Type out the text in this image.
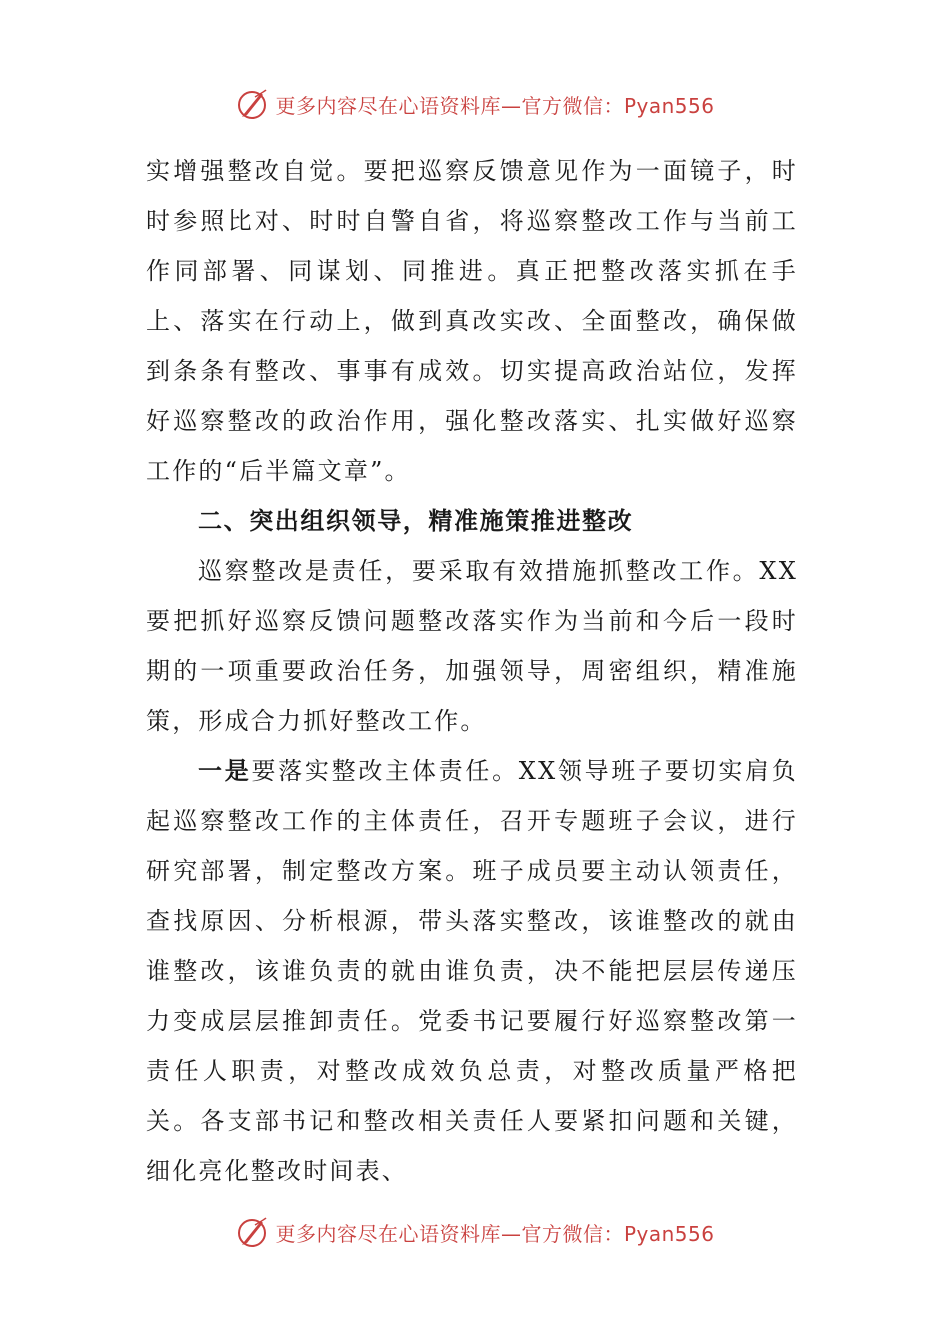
更多内容尽在心语资料库—官方微信：Pyan556

实增强整改自觉。要把巡察反馈意见作为一面镜子，时时参照比对、时时自警自省，将巡察整改工作与当前工作同部署、同谋划、同推进。真正把整改落实抓在手上、落实在行动上，做到真改实改、全面整改，确保做到条条有整改、事事有成效。切实提高政治站位，发挥好巡察整改的政治作用，强化整改落实、扎实做好巡察工作的“后半篇文章”。

二、突出组织领导，精准施策推进整改

巡察整改是责任，要采取有效措施抓整改工作。XX要把抓好巡察反馈问题整改落实作为当前和今后一段时期的一项重要政治任务，加强领导，周密组织，精准施策，形成合力抓好整改工作。

一是要落实整改主体责任。XX领导班子要切实肩负起巡察整改工作的主体责任，召开专题班子会议，进行研究部署，制定整改方案。班子成员要主动认领责任，查找原因、分析根源，带头落实整改，该谁整改的就由谁整改，该谁负责的就由谁负责，决不能把层层传递压力变成层层推卸责任。党委书记要履行好巡察整改第一责任人职责，对整改成效负总责，对整改质量严格把关。各支部书记和整改相关责任人要紧扣问题和关键，细化亮化整改时间表、

更多内容尽在心语资料库—官方微信：Pyan556
